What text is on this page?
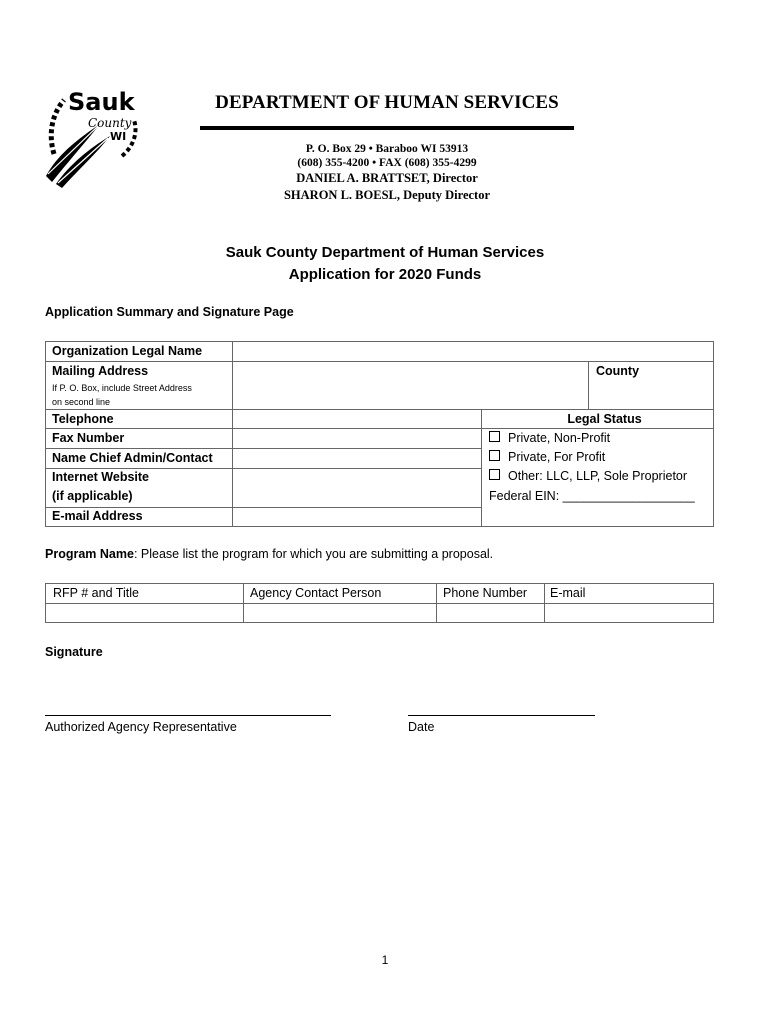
Sauk
County
WI
DEPARTMENT OF HUMAN SERVICES
P. O. Box 29 • Baraboo WI 53913
(608) 355-4200 • FAX (608) 355-4299
DANIEL A. BRATTSET, Director
SHARON L. BOESL, Deputy Director
Sauk County Department of Human Services
Application for 2020 Funds
Application Summary and Signature Page
Organization Legal Name
Mailing Address
If P. O. Box, include Street Address
on second line
County
Telephone
Fax Number
Name Chief Admin/Contact
Internet Website
(if applicable)
E-mail Address
Legal Status
Private, Non-Profit
Private, For Profit
Other: LLC, LLP, Sole Proprietor
Federal EIN: ___________________
Program Name: Please list the program for which you are submitting a proposal.
RFP # and Title	Agency Contact Person	Phone Number E-mail
Signature
Authorized Agency Representative	Date
1
